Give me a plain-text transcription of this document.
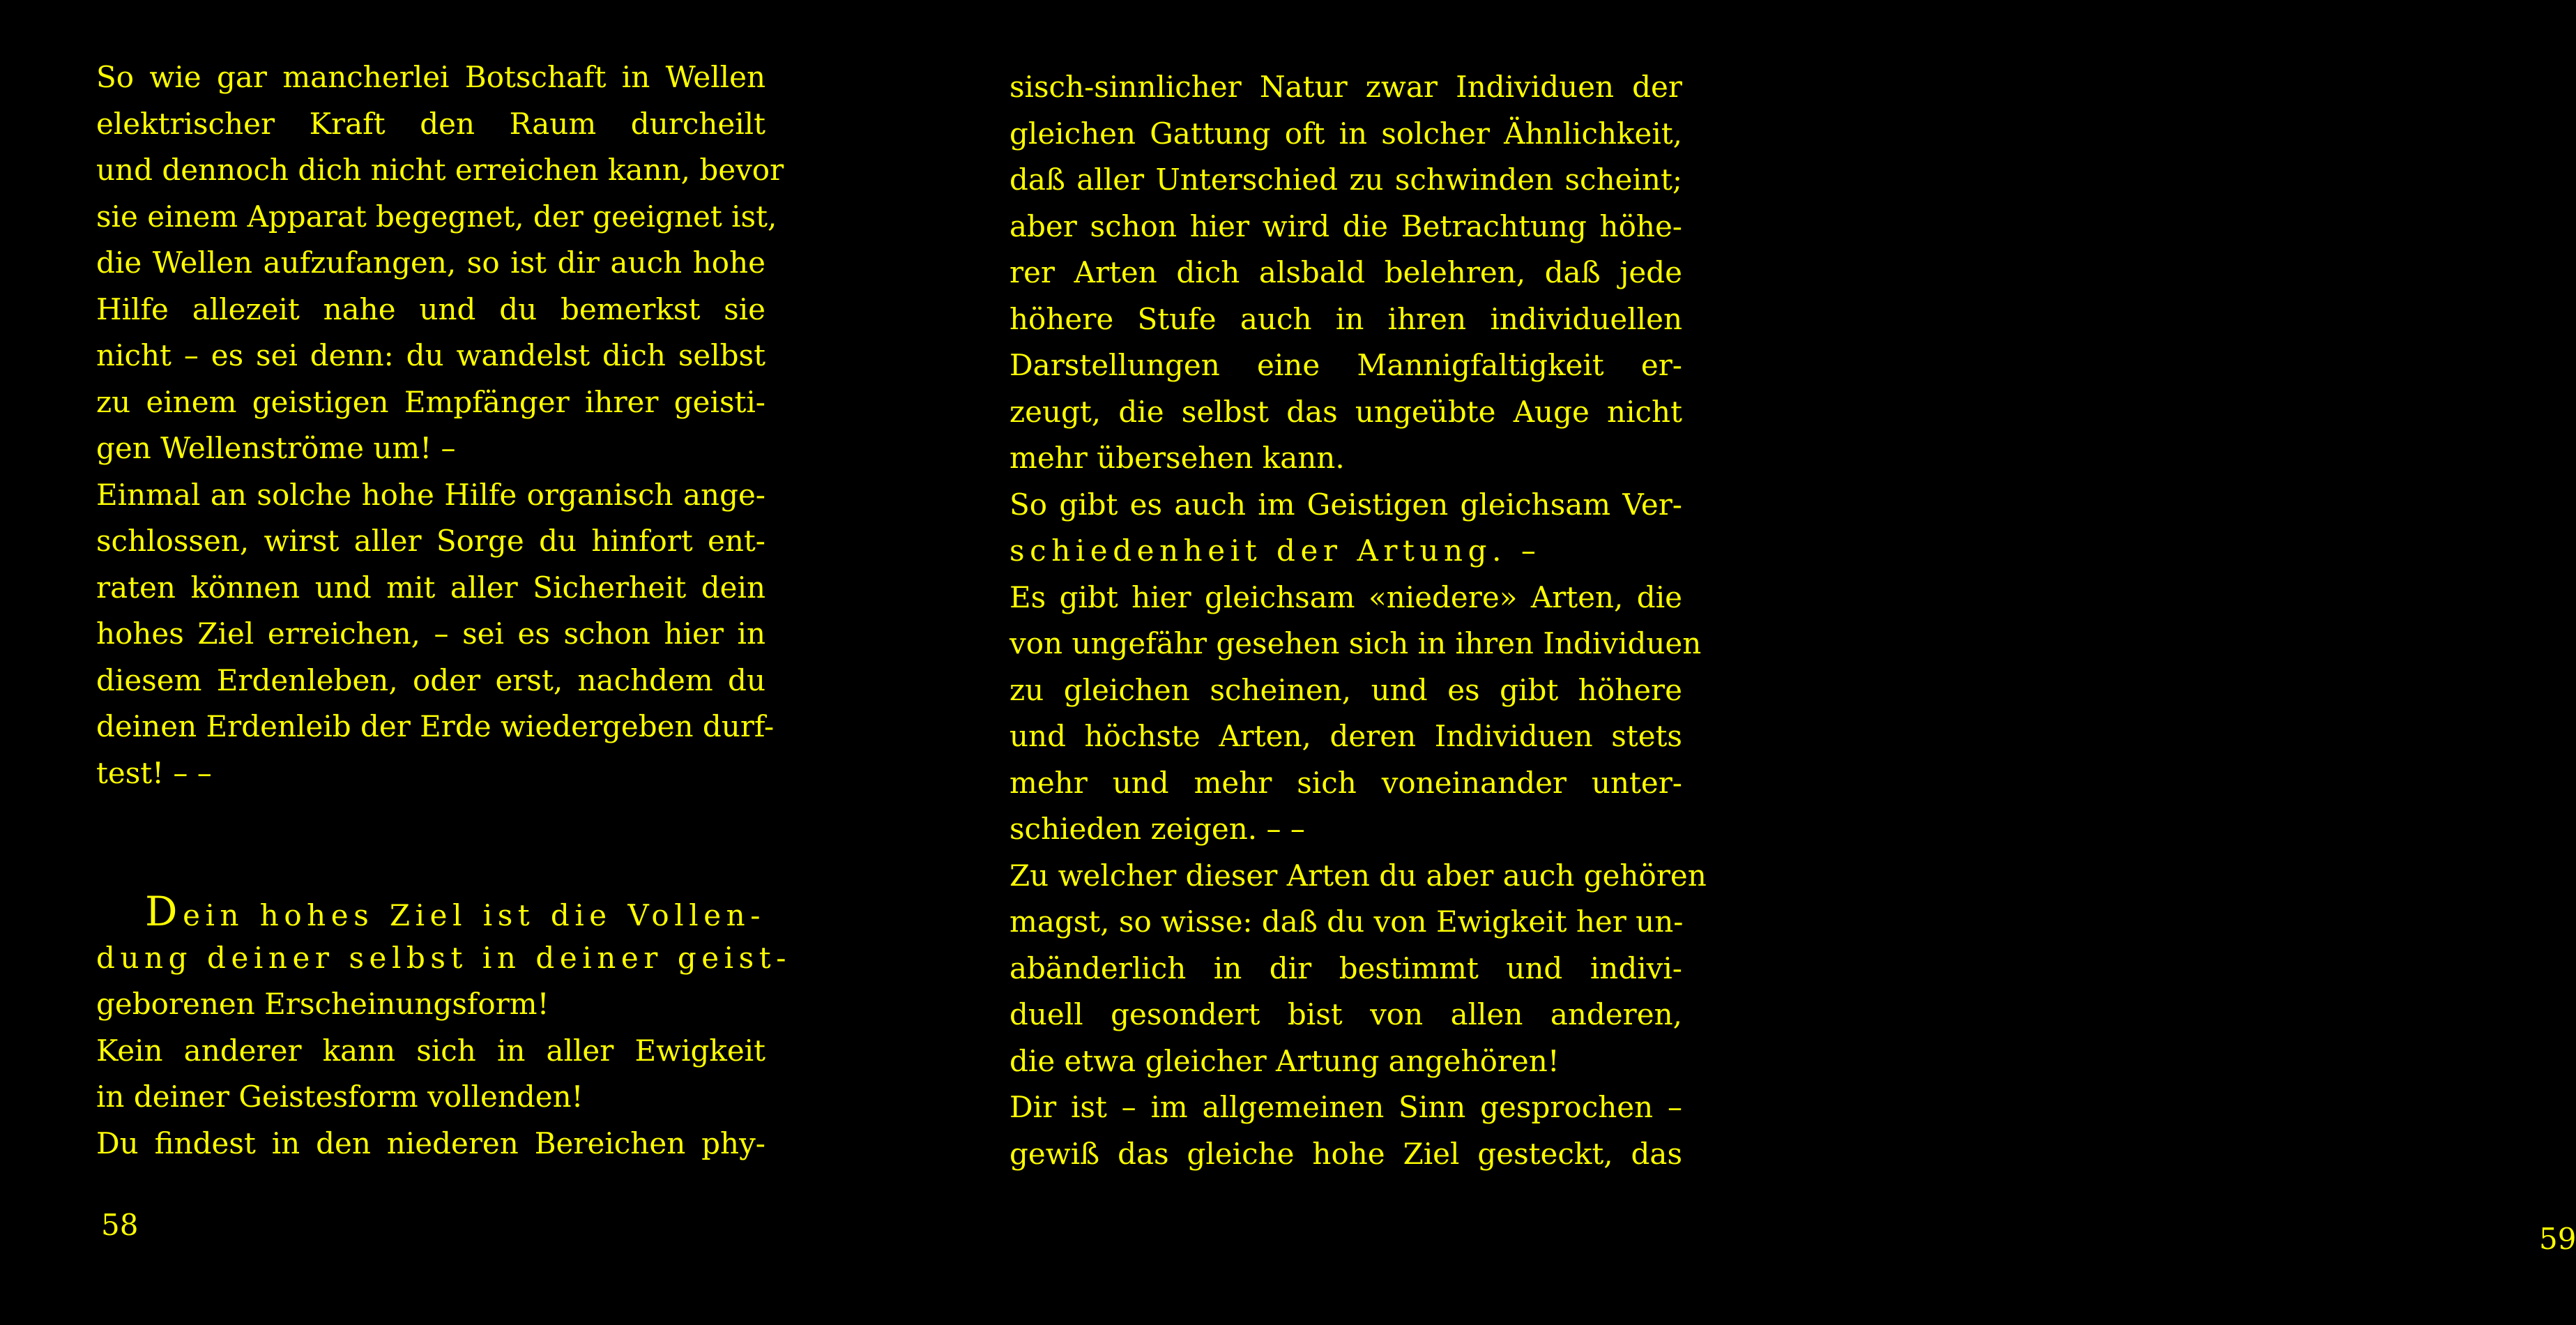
So wie gar mancherlei Botschaft in Wellen
elektrischer Kraft den Raum durcheilt
und dennoch dich nicht erreichen kann, bevor
sie einem Apparat begegnet, der geeignet ist,
die Wellen aufzufangen, so ist dir auch hohe
Hilfe allezeit nahe und du bemerkst sie
nicht – es sei denn: du wandelst dich selbst
zu einem geistigen Empfänger ihrer geisti-
gen Wellenströme um! –
Einmal an solche hohe Hilfe organisch ange-
schlossen, wirst aller Sorge du hinfort ent-
raten können und mit aller Sicherheit dein
hohes Ziel erreichen, – sei es schon hier in
diesem Erdenleben, oder erst, nachdem du
deinen Erdenleib der Erde wiedergeben durf-
test! – –
Dein hohes Ziel ist die Vollen-
dung deiner selbst in deiner geist-
geborenen Erscheinungsform!
Kein anderer kann sich in aller Ewigkeit
in deiner Geistesform vollenden!
Du findest in den niederen Bereichen phy-
58
sisch-sinnlicher Natur zwar Individuen der
gleichen Gattung oft in solcher Ähnlichkeit,
daß aller Unterschied zu schwinden scheint;
aber schon hier wird die Betrachtung höhe-
rer Arten dich alsbald belehren, daß jede
höhere Stufe auch in ihren individuellen
Darstellungen eine Mannigfaltigkeit er-
zeugt, die selbst das ungeübte Auge nicht
mehr übersehen kann.
So gibt es auch im Geistigen gleichsam Ver-
schiedenheit der Artung. –
Es gibt hier gleichsam «niedere» Arten, die
von ungefähr gesehen sich in ihren Individuen
zu gleichen scheinen, und es gibt höhere
und höchste Arten, deren Individuen stets
mehr und mehr sich voneinander unter-
schieden zeigen. – –
Zu welcher dieser Arten du aber auch gehören
magst, so wisse: daß du von Ewigkeit her un-
abänderlich in dir bestimmt und indivi-
duell gesondert bist von allen anderen,
die etwa gleicher Artung angehören!
Dir ist – im allgemeinen Sinn gesprochen –
gewiß das gleiche hohe Ziel gesteckt, das
59
